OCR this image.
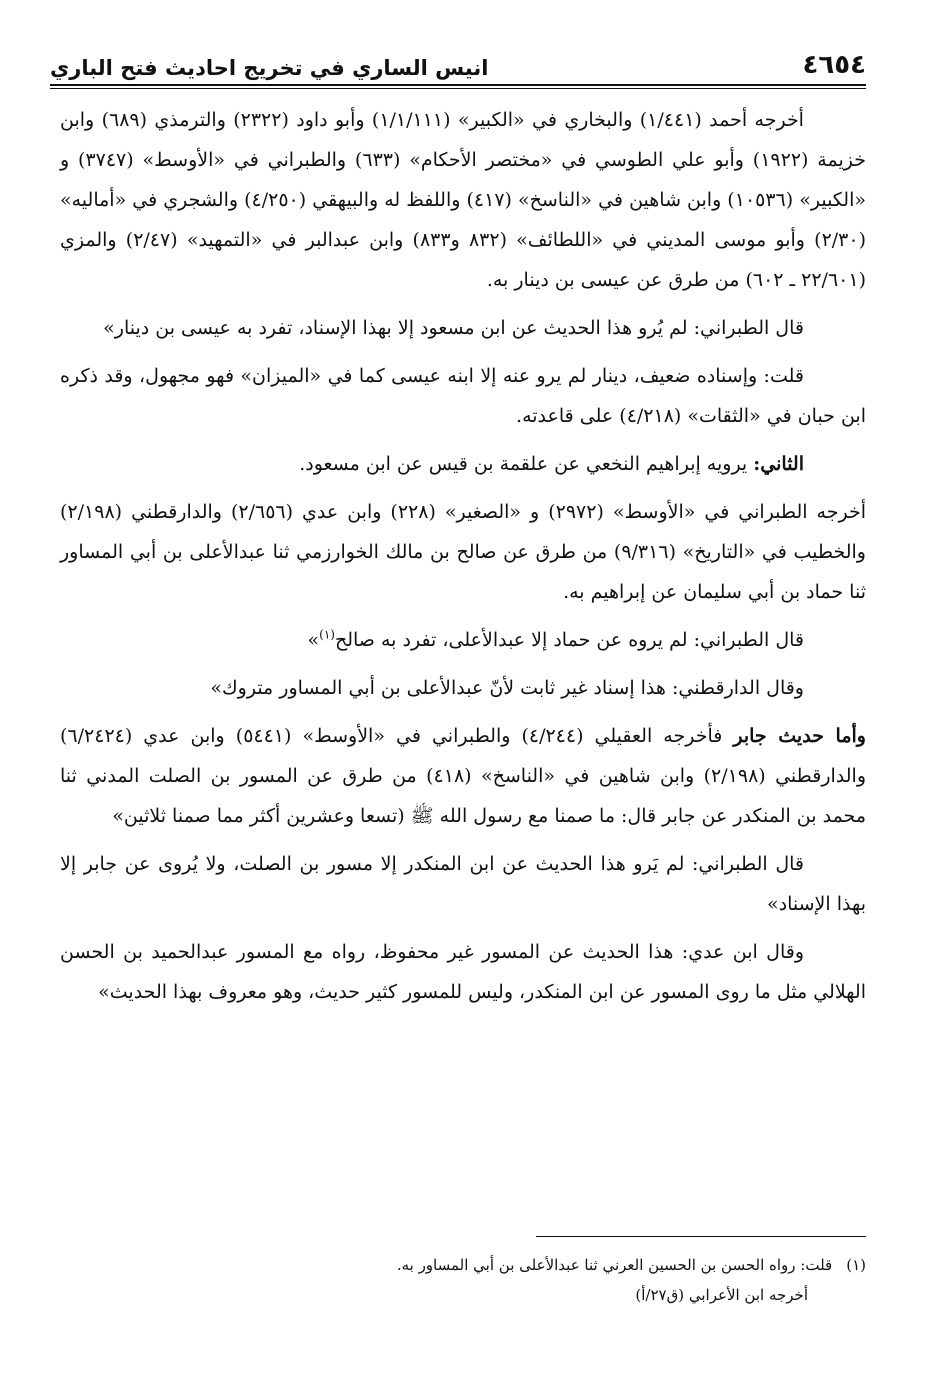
٤٦٥٤
انيس الساري في تخريج احاديث فتح الباري

أخرجه أحمد (١/٤٤١) والبخاري في «الكبير» (١/١/١١١) وأبو داود (٢٣٢٢) والترمذي (٦٨٩) وابن خزيمة (١٩٢٢) وأبو علي الطوسي في «مختصر الأحكام» (٦٣٣) والطبراني في «الأوسط» (٣٧٤٧) و «الكبير» (١٠٥٣٦) وابن شاهين في «الناسخ» (٤١٧) واللفظ له والبيهقي (٤/٢٥٠) والشجري في «أماليه» (٢/٣٠) وأبو موسى المديني في «اللطائف» (٨٣٢ و٨٣٣) وابن عبدالبر في «التمهيد» (٢/٤٧) والمزي (٢٢/٦٠١ ـ ٦٠٢) من طرق عن عيسى بن دينار به.

قال الطبراني: لم يُرو هذا الحديث عن ابن مسعود إلا بهذا الإسناد، تفرد به عيسى بن دينار»

قلت: وإسناده ضعيف، دينار لم يرو عنه إلا ابنه عيسى كما في «الميزان» فهو مجهول، وقد ذكره ابن حبان في «الثقات» (٤/٢١٨) على قاعدته.

الثاني: يرويه إبراهيم النخعي عن علقمة بن قيس عن ابن مسعود.

أخرجه الطبراني في «الأوسط» (٢٩٧٢) و «الصغير» (٢٢٨) وابن عدي (٢/٦٥٦) والدارقطني (٢/١٩٨) والخطيب في «التاريخ» (٩/٣١٦) من طرق عن صالح بن مالك الخوارزمي ثنا عبدالأعلى بن أبي المساور ثنا حماد بن أبي سليمان عن إبراهيم به.

قال الطبراني: لم يروه عن حماد إلا عبدالأعلى، تفرد به صالح$^{(١)}$»

وقال الدارقطني: هذا إسناد غير ثابت لأنّ عبدالأعلى بن أبي المساور متروك»

وأما حديث جابر فأخرجه العقيلي (٤/٢٤٤) والطبراني في «الأوسط» (٥٤٤١) وابن عدي (٦/٢٤٢٤) والدارقطني (٢/١٩٨) وابن شاهين في «الناسخ» (٤١٨) من طرق عن المسور بن الصلت المدني ثنا محمد بن المنكدر عن جابر قال: ما صمنا مع رسول الله ﷺ (تسعا وعشرين أكثر مما صمنا ثلاثين»

قال الطبراني: لم يَرو هذا الحديث عن ابن المنكدر إلا مسور بن الصلت، ولا يُروى عن جابر إلا بهذا الإسناد»

وقال ابن عدي: هذا الحديث عن المسور غير محفوظ، رواه مع المسور عبدالحميد بن الحسن الهلالي مثل ما روى المسور عن ابن المنكدر، وليس للمسور كثير حديث، وهو معروف بهذا الحديث»

(١)قلت: رواه الحسن بن الحسين العرني ثنا عبدالأعلى بن أبي المساور به.

أخرجه ابن الأعرابي (ق٢٧/أ)
